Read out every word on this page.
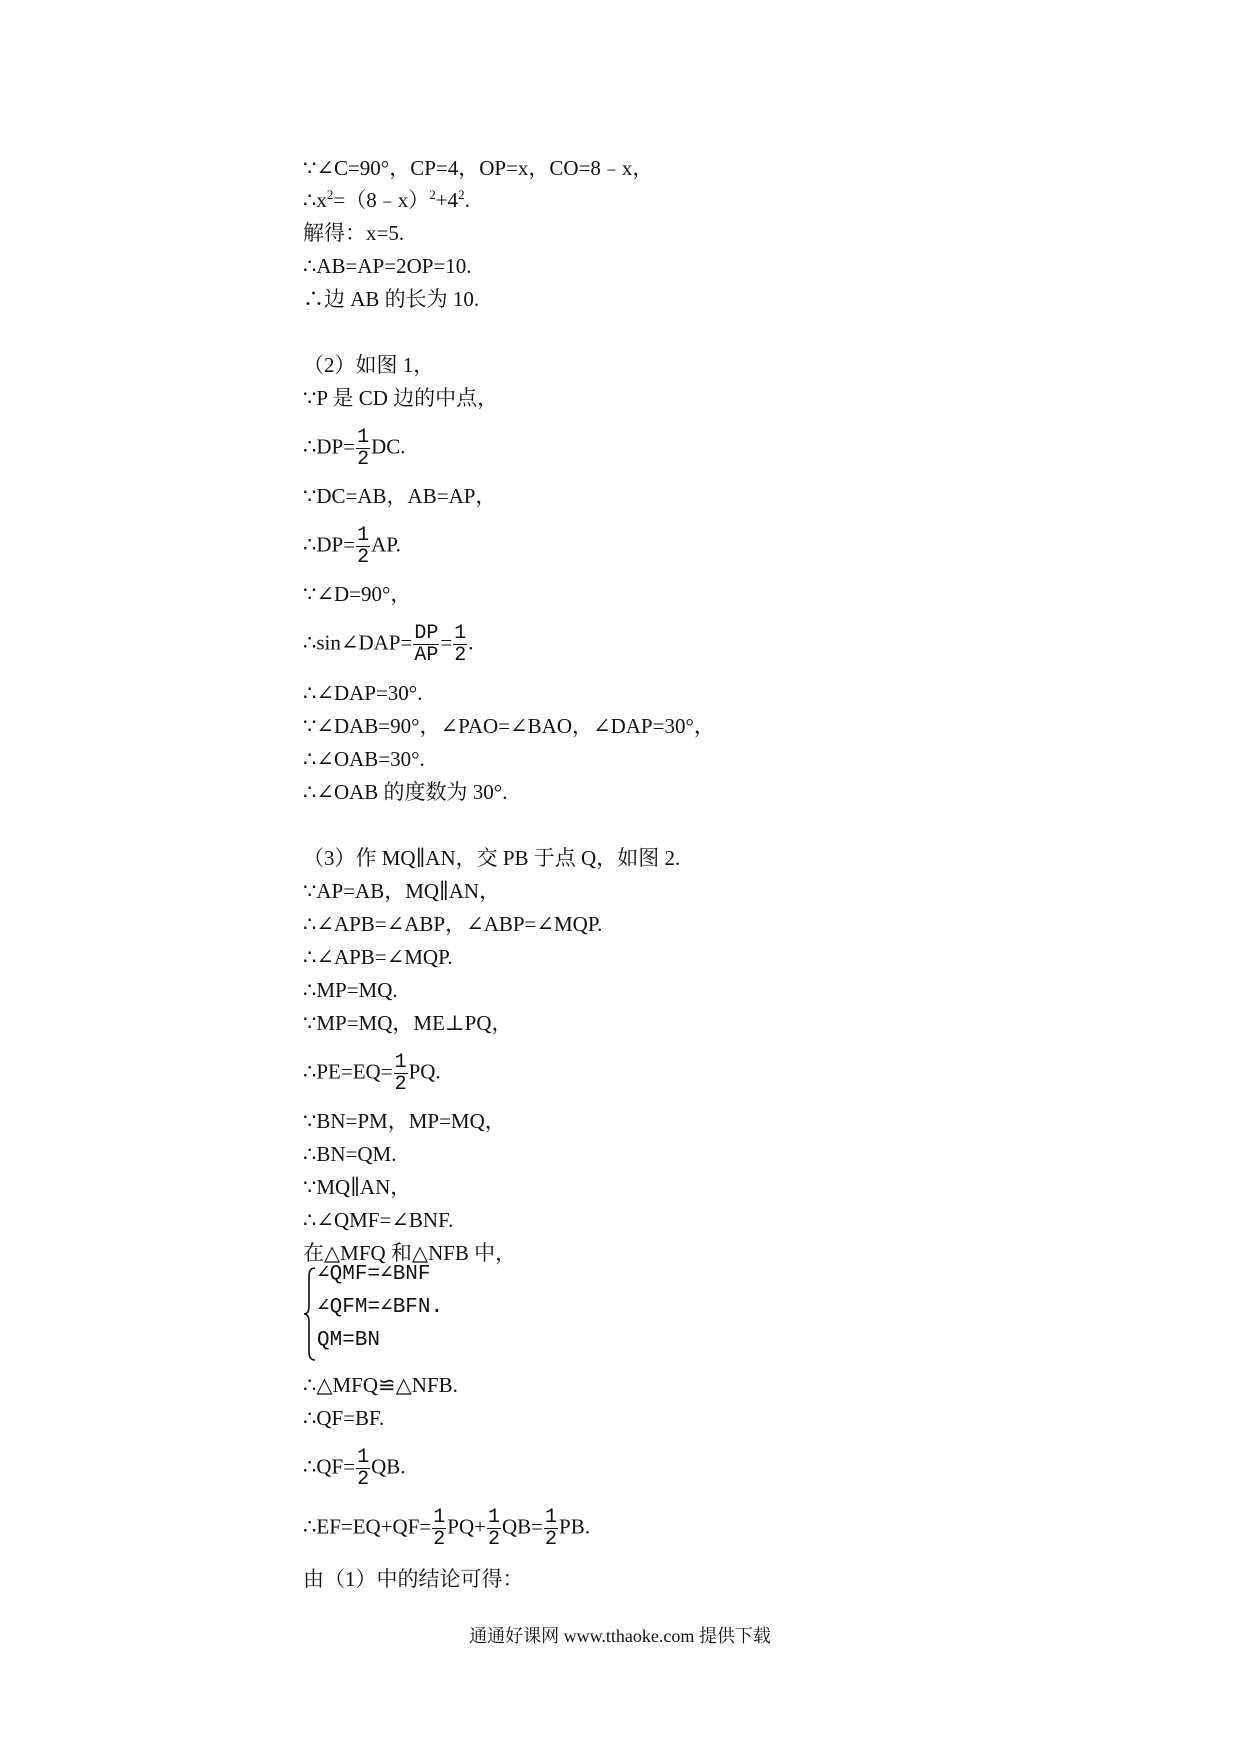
∵∠C=90°，CP=4，OP=x，CO=8﹣x，
$\therefore x^2=(8﹣x)^2+4^2$.
解得：x=5.
∴AB=AP=2OP=10.
∴边 AB 的长为 10.
（2）如图 1，
∵P 是 CD 边的中点，
∴DP= $\frac{1}{2}$ DC.
∵DC=AB，AB=AP，
∴DP= $\frac{1}{2}$ AP.
∵∠D=90°，
∴sin∠DAP= $\frac{DP}{AP} = \frac{1}{2}$ .
∴∠DAP=30°.
∵∠DAB=90°，∠PAO=∠BAO，∠DAP=30°，
∴∠OAB=30°.
∴∠OAB 的度数为 30°.
（3）作 MQ∥AN，交 PB 于点 Q，如图 2.
∵AP=AB，MQ∥AN，
∴∠APB=∠ABP，∠ABP=∠MQP.
∴∠APB=∠MQP.
∴MP=MQ.
∵MP=MQ，ME⊥PQ，
∴PE=EQ= $\frac{1}{2}$ PQ.
∵BN=PM，MP=MQ，
∴BN=QM.
∵MQ∥AN，
∴∠QMF=∠BNF.
在△MFQ 和△NFB 中，
∠QMF=∠BNF
∠QFM=∠BFN.
QM=BN
∴△MFQ≌△NFB.
∴QF=BF.
∴QF= $\frac{1}{2}$ QB.
∴EF=EQ+QF= $\frac{1}{2} PQ+ \frac{1}{2} QB= \frac{1}{2}$ PB.
由（1）中的结论可得：
通通好课网 www.tthaoke.com 提供下载
